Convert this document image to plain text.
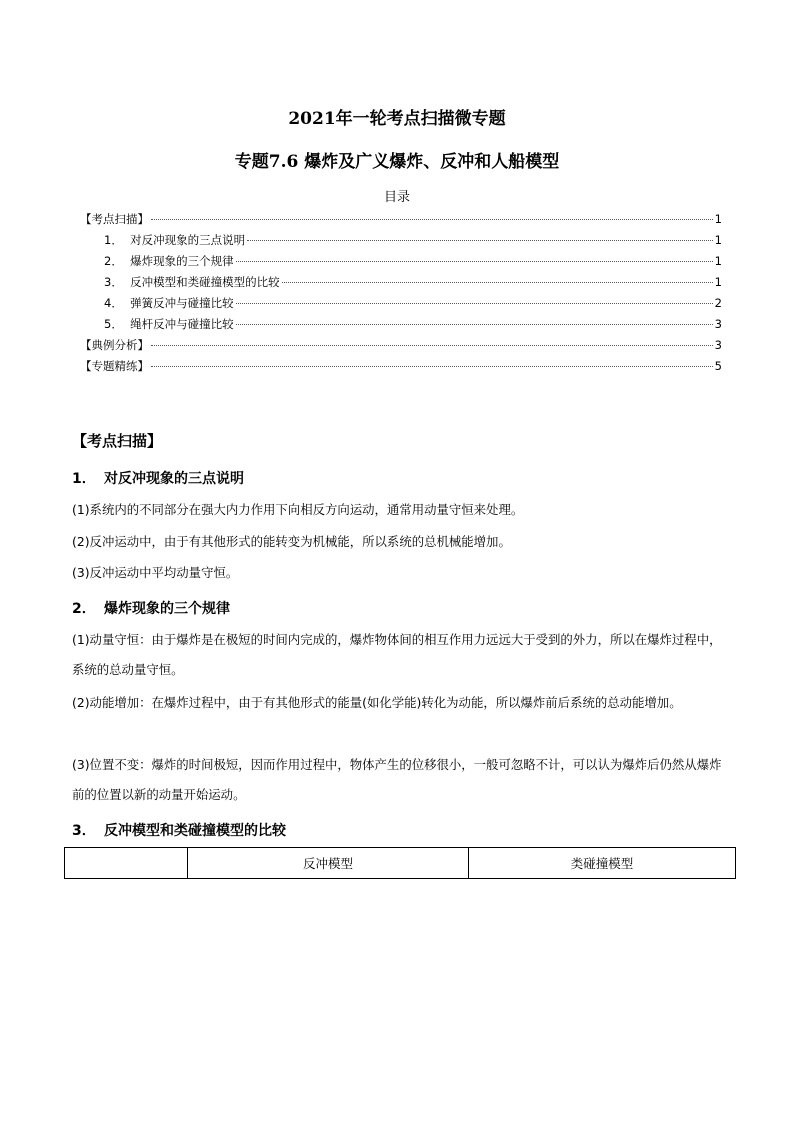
2021年一轮考点扫描微专题
专题7.6 爆炸及广义爆炸、反冲和人船模型
目录
【考点扫描】	1
1．  对反冲现象的三点说明	1
2．  爆炸现象的三个规律	1
3．  反冲模型和类碰撞模型的比较	1
4．  弹簧反冲与碰撞比较	2
5．  绳杆反冲与碰撞比较	3
【典例分析】	3
【专题精练】	5
【考点扫描】
1． 对反冲现象的三点说明
(1)系统内的不同部分在强大内力作用下向相反方向运动，通常用动量守恒来处理。
(2)反冲运动中，由于有其他形式的能转变为机械能，所以系统的总机械能增加。
(3)反冲运动中平均动量守恒。
2． 爆炸现象的三个规律
(1)动量守恒：由于爆炸是在极短的时间内完成的，爆炸物体间的相互作用力远远大于受到的外力，所以在爆炸过程中，系统的总动量守恒。
(2)动能增加：在爆炸过程中，由于有其他形式的能量(如化学能)转化为动能，所以爆炸前后系统的总动能增加。
(3)位置不变：爆炸的时间极短，因而作用过程中，物体产生的位移很小，一般可忽略不计，可以认为爆炸后仍然从爆炸前的位置以新的动量开始运动。
3． 反冲模型和类碰撞模型的比较
	反冲模型	类碰撞模型
